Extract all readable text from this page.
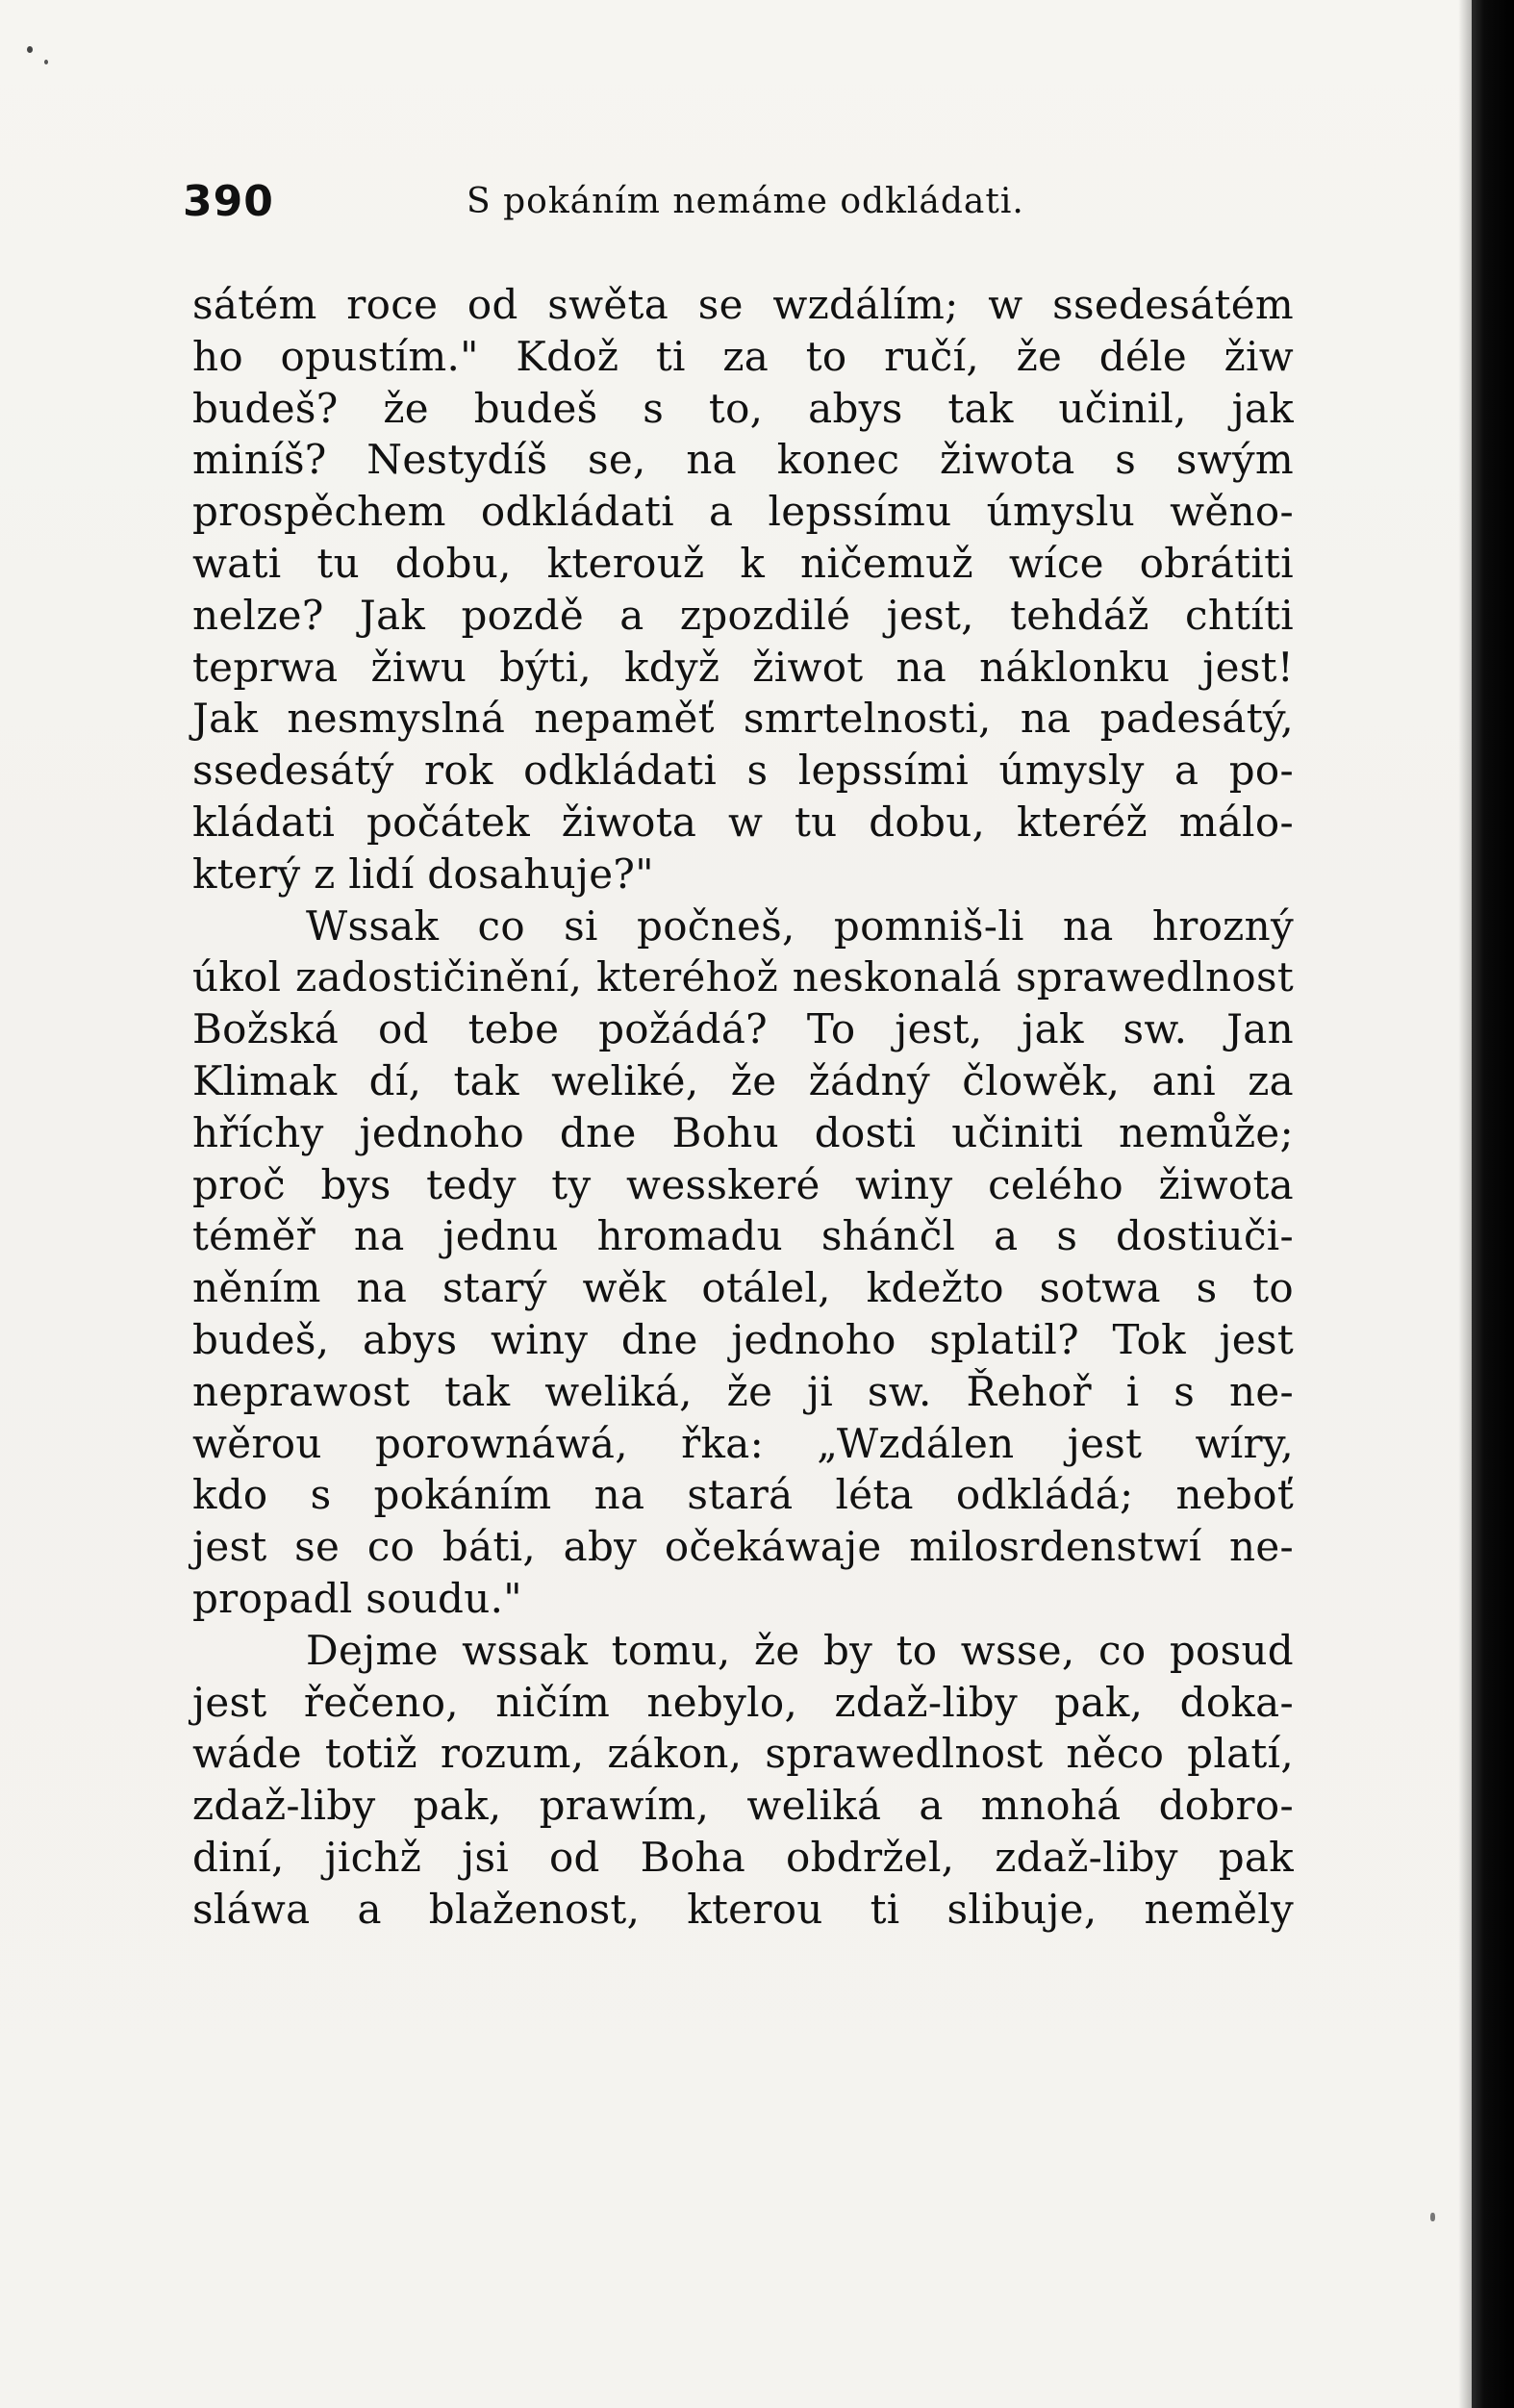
390	S pokáním nemáme odkládati.
sátém roce od swěta se wzdálím; w ssedesátém
ho opustím." Kdož ti za to ručí, že déle žiw
budeš? že budeš s to, abys tak učinil, jak
miníš? Nestydíš se, na konec žiwota s swým
prospěchem odkládati a lepssímu úmyslu wěno-
wati tu dobu, kterouž k ničemuž wíce obrátiti
nelze? Jak pozdě a zpozdilé jest, tehdáž chtíti
teprwa žiwu býti, když žiwot na náklonku jest!
Jak nesmyslná nepaměť smrtelnosti, na padesátý,
ssedesátý rok odkládati s lepssími úmysly a po-
kládati počátek žiwota w tu dobu, kteréž málo-
který z lidí dosahuje?"
Wssak co si počneš, pomniš-li na hrozný
úkol zadostičinění, kteréhož neskonalá sprawedlnost
Božská od tebe požádá? To jest, jak sw. Jan
Klimak dí, tak weliké, že žádný člowěk, ani za
hříchy jednoho dne Bohu dosti učiniti nemůže;
proč bys tedy ty wesskeré winy celého žiwota
téměř na jednu hromadu shánčl a s dostiuči-
něním na starý wěk otálel, kdežto sotwa s to
budeš, abys winy dne jednoho splatil? Tok jest
neprawost tak weliká, že ji sw. Řehoř i s ne-
wěrou porownáwá, řka: „Wzdálen jest wíry,
kdo s pokáním na stará léta odkládá; neboť
jest se co báti, aby očekáwaje milosrdenstwí ne-
propadl soudu."
Dejme wssak tomu, že by to wsse, co posud
jest řečeno, ničím nebylo, zdaž-liby pak, doka-
wáde totiž rozum, zákon, sprawedlnost něco platí,
zdaž-liby pak, prawím, weliká a mnohá dobro-
diní, jichž jsi od Boha obdržel, zdaž-liby pak
sláwa a blaženost, kterou ti slibuje, neměly
